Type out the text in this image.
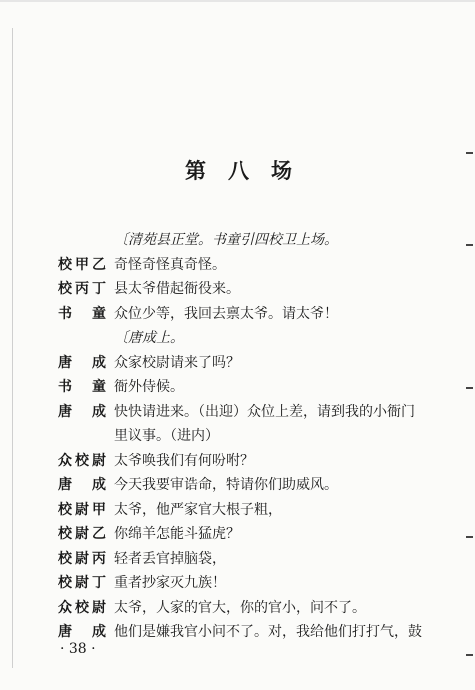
第八场
〔清苑县正堂。书童引四校卫上场。
校甲乙 奇怪奇怪真奇怪。
校丙丁 县太爷借起衙役来。
书童 众位少等，我回去禀太爷。请太爷！
〔唐成上。
唐成 众家校尉请来了吗？
书童 衙外侍候。
唐成 快快请进来。（出迎）众位上差，请到我的小衙门
里议事。（进内）
众校尉 太爷唤我们有何吩咐？
唐成 今天我要审诰命，特请你们助威风。
校尉甲 太爷，他严家官大根子粗，
校尉乙 你绵羊怎能斗猛虎？
校尉丙 轻者丢官掉脑袋，
校尉丁 重者抄家灭九族！
众校尉 太爷，人家的官大，你的官小，问不了。
唐成 他们是嫌我官小问不了。对，我给他们打打气，鼓
· 38 ·
